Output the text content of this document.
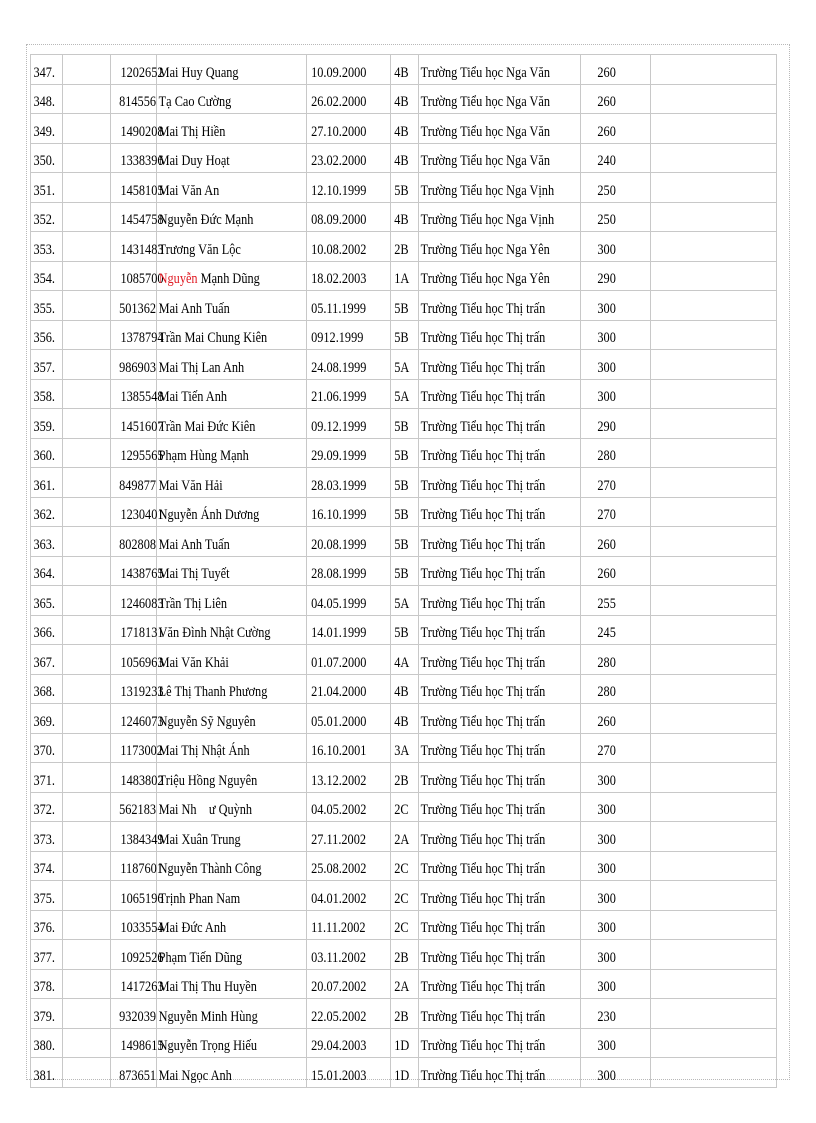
347.		1202652	Mai Huy Quang	10.09.2000	4B	Trường Tiểu học Nga Văn	260	
348.		814556	Tạ Cao Cường	26.02.2000	4B	Trường Tiểu học Nga Văn	260	
349.		1490208	Mai Thị Hiền	27.10.2000	4B	Trường Tiểu học Nga Văn	260	
350.		1338396	Mai Duy Hoạt	23.02.2000	4B	Trường Tiểu học Nga Văn	240	
351.		1458105	Mai Văn An	12.10.1999	5B	Trường Tiểu học Nga Vịnh	250	
352.		1454758	Nguyễn Đức Mạnh	08.09.2000	4B	Trường Tiểu học Nga Vịnh	250	
353.		1431483	Trương Văn Lộc	10.08.2002	2B	Trường Tiểu học Nga Yên	300	
354.		1085700	Nguyễn Mạnh Dũng	18.02.2003	1A	Trường Tiểu học Nga Yên	290	
355.		501362	Mai Anh Tuấn	05.11.1999	5B	Trường Tiểu học Thị trấn	300	
356.		1378794	Trần Mai Chung Kiên	0912.1999	5B	Trường Tiểu học Thị trấn	300	
357.		986903	Mai Thị Lan Anh	24.08.1999	5A	Trường Tiểu học Thị trấn	300	
358.		1385548	Mai Tiến Anh	21.06.1999	5A	Trường Tiểu học Thị trấn	300	
359.		1451607	Trần Mai Đức Kiên	09.12.1999	5B	Trường Tiểu học Thị trấn	290	
360.		1295565	Phạm Hùng Mạnh	29.09.1999	5B	Trường Tiểu học Thị trấn	280	
361.		849877	Mai Văn Hải	28.03.1999	5B	Trường Tiểu học Thị trấn	270	
362.		1230401	Nguyễn Ánh Dương	16.10.1999	5B	Trường Tiểu học Thị trấn	270	
363.		802808	Mai Anh Tuấn	20.08.1999	5B	Trường Tiểu học Thị trấn	260	
364.		1438765	Mai Thị Tuyết	28.08.1999	5B	Trường Tiểu học Thị trấn	260	
365.		1246083	Trần Thị Liên	04.05.1999	5A	Trường Tiểu học Thị trấn	255	
366.		1718131	Văn Đình Nhật Cường	14.01.1999	5B	Trường Tiểu học Thị trấn	245	
367.		1056963	Mai Văn Khải	01.07.2000	4A	Trường Tiểu học Thị trấn	280	
368.		1319233	Lê Thị Thanh Phương	21.04.2000	4B	Trường Tiểu học Thị trấn	280	
369.		1246073	Nguyễn Sỹ Nguyên	05.01.2000	4B	Trường Tiểu học Thị trấn	260	
370.		1173002	Mai Thị Nhật Ánh	16.10.2001	3A	Trường Tiểu học Thị trấn	270	
371.		1483802	Triệu Hồng Nguyên	13.12.2002	2B	Trường Tiểu học Thị trấn	300	
372.		562183	Mai Nh    ư Quỳnh	04.05.2002	2C	Trường Tiểu học Thị trấn	300	
373.		1384349	Mai Xuân Trung	27.11.2002	2A	Trường Tiểu học Thị trấn	300	
374.		1187601	Nguyễn Thành Công	25.08.2002	2C	Trường Tiểu học Thị trấn	300	
375.		1065196	Trịnh Phan Nam	04.01.2002	2C	Trường Tiểu học Thị trấn	300	
376.		1033554	Mai Đức Anh	11.11.2002	2C	Trường Tiểu học Thị trấn	300	
377.		1092526	Phạm Tiến Dũng	03.11.2002	2B	Trường Tiểu học Thị trấn	300	
378.		1417263	Mai Thị Thu Huyền	20.07.2002	2A	Trường Tiểu học Thị trấn	300	
379.		932039	Nguyễn Minh Hùng	22.05.2002	2B	Trường Tiểu học Thị trấn	230	
380.		1498615	Nguyễn Trọng Hiếu	29.04.2003	1D	Trường Tiểu học Thị trấn	300	
381.		873651	Mai Ngọc Anh	15.01.2003	1D	Trường Tiểu học Thị trấn	300	
